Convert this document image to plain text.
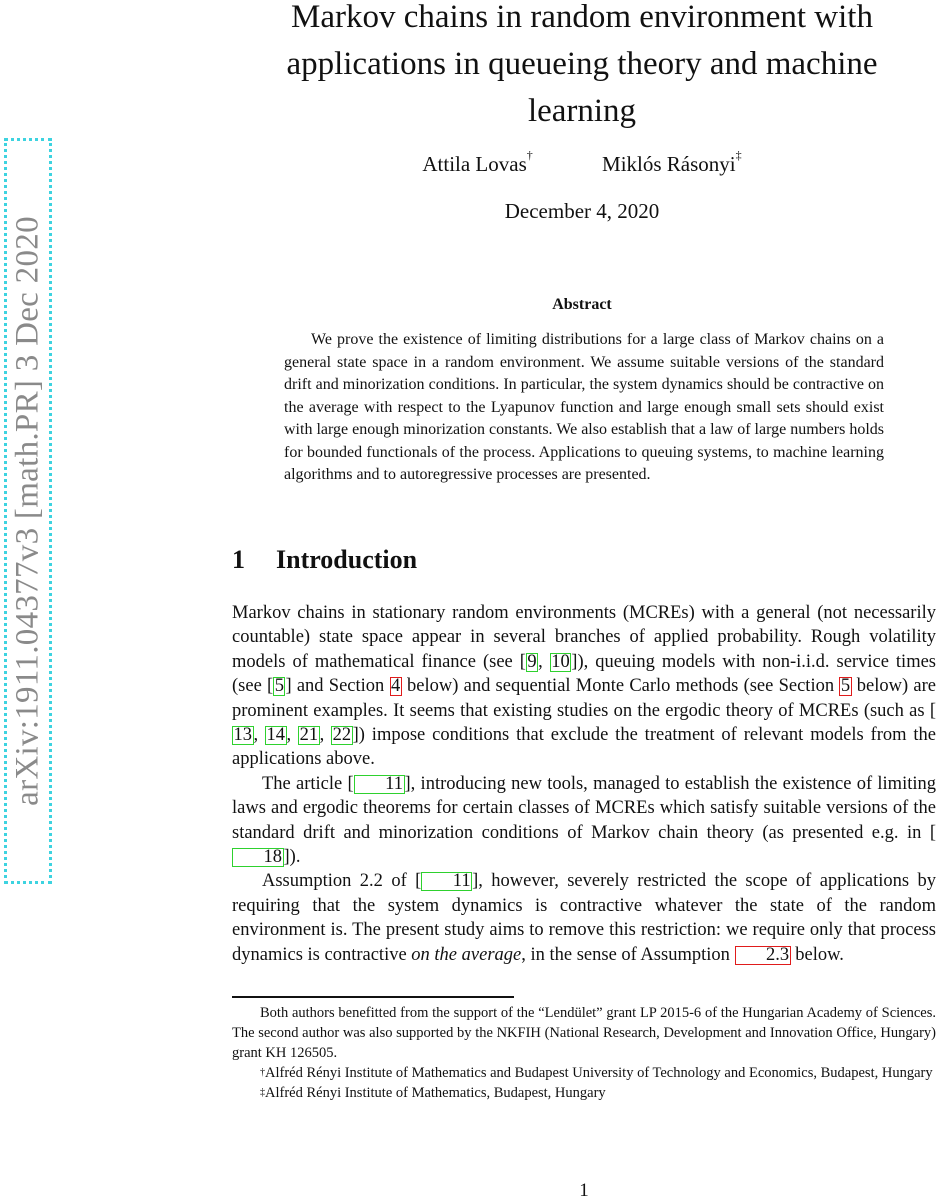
arXiv:1911.04377v3 [math.PR] 3 Dec 2020
Markov chains in random environment with applications in queueing theory and machine learning
Attila Lovas†	Miklós Rásonyi‡
December 4, 2020
Abstract

We prove the existence of limiting distributions for a large class of Markov chains on a general state space in a random environment. We assume suitable versions of the standard drift and minorization conditions. In particular, the system dynamics should be contractive on the average with respect to the Lyapunov function and large enough small sets should exist with large enough minorization constants. We also establish that a law of large numbers holds for bounded functionals of the process. Applications to queuing systems, to machine learning algorithms and to autoregressive processes are presented.

1 Introduction

Markov chains in stationary random environments (MCREs) with a general (not necessarily countable) state space appear in several branches of applied probability. Rough volatility models of mathematical finance (see [9, 10]), queuing models with non-i.i.d. service times (see [5] and Section 4 below) and sequential Monte Carlo methods (see Section 5 below) are prominent examples. It seems that existing studies on the ergodic theory of MCREs (such as [13, 14, 21, 22]) impose conditions that exclude the treatment of relevant models from the applications above.

The article [ 11], introducing new tools, managed to establish the existence of limiting laws and ergodic theorems for certain classes of MCREs which satisfy suitable versions of the standard drift and minorization conditions of Markov chain theory (as presented e.g. in [18]).

Assumption 2.2 of [ 11], however, severely restricted the scope of applications by requiring that the system dynamics is contractive whatever the state of the random environment is. The present study aims to remove this restriction: we require only that process dynamics is contractive on the average, in the sense of Assumption 2.3 below.

Both authors benefitted from the support of the “Lendület” grant LP 2015-6 of the Hungarian Academy of Sciences. The second author was also supported by the NKFIH (National Research, Development and Innovation Office, Hungary) grant KH 126505.

†Alfréd Rényi Institute of Mathematics and Budapest University of Technology and Economics, Budapest, Hungary

‡Alfréd Rényi Institute of Mathematics, Budapest, Hungary

1
